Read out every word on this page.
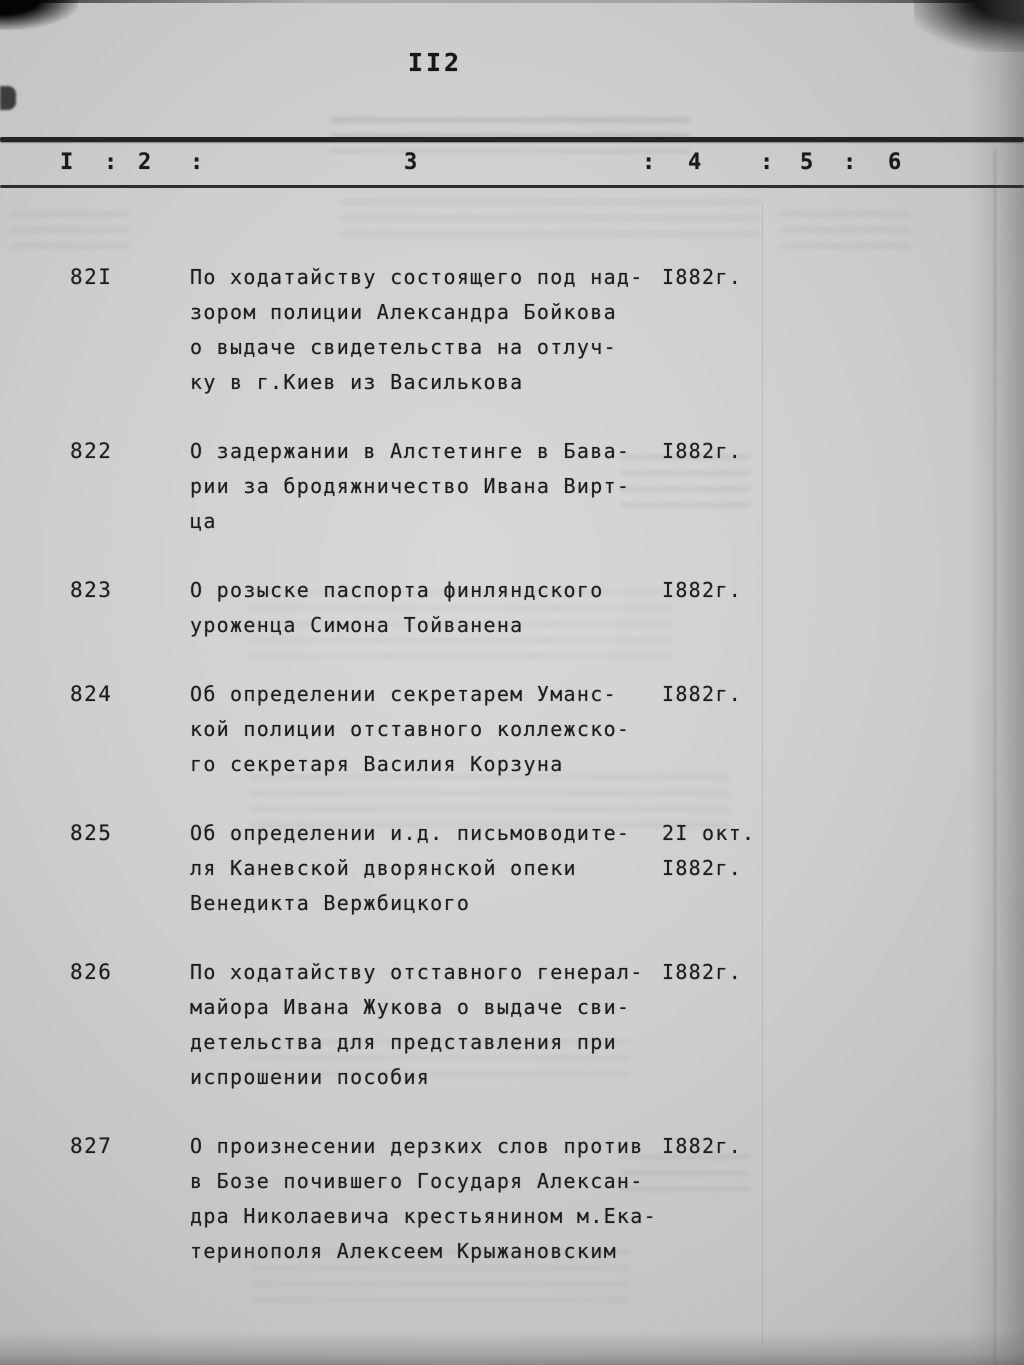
II2
I : 2 :	3	: 4	: 5 : 6
82I	По ходатайству состоящего под над-
зором полиции Александра Бойкова
о выдаче свидетельства на отлуч-
ку в г.Киев из Василькова
I882г.
822	О задержании в Алстетинге в Бава-
рии за бродяжничество Ивана Вирт-
ца
I882г.
823	О розыске паспорта финляндского
уроженца Симона Тойванена
I882г.
824	Об определении секретарем Уманс-
кой полиции отставного коллежско-
го секретаря Василия Корзуна
I882г.
825	Об определении и.д. письмоводите-
ля Каневской дворянской опеки
Венедикта Вержбицкого
2I окт.
I882г.
826	По ходатайству отставного генерал-
майора Ивана Жукова о выдаче сви-
детельства для представления при
испрошении пособия
I882г.
827	О произнесении дерзких слов против
в Бозе почившего Государя Алексан-
дра Николаевича крестьянином м.Ека-
теринополя Алексеем Крыжановским
I882г.
